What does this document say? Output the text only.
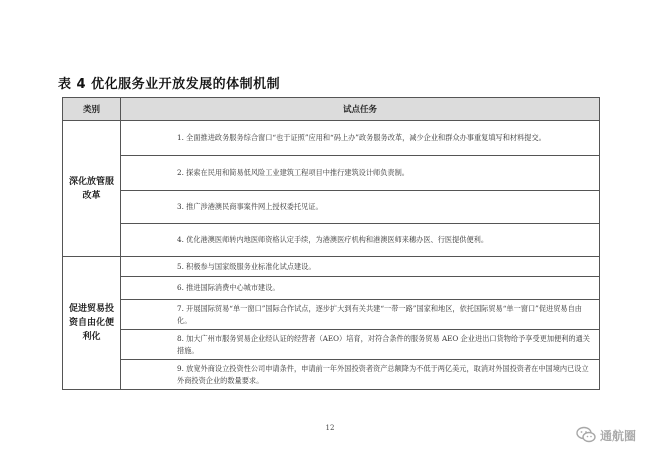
表 4 优化服务业开放发展的体制机制
类别	试点任务
深化放管服改革	1. 全面推进政务服务综合窗口“也于证照”应用和“码上办”政务服务改革，减少企业和群众办事重复填写和材料提交。
	2. 探索在民用和简易低风险工业建筑工程项目中推行建筑设计师负责制。
	3. 推广涉港澳民商事案件网上授权委托见证。
	4. 优化港澳医师转内地医师资格认定手续，为港澳医疗机构和港澳医师来穗办医、行医提供便利。
促进贸易投资自由化便利化	5. 积极参与国家级服务业标准化试点建设。
	6. 推进国际消费中心城市建设。
	7. 开展国际贸易“单一窗口”国际合作试点，逐步扩大到有关共建“一带一路”国家和地区，依托国际贸易“单一窗口”促进贸易自由化。
	8. 加大广州市服务贸易企业经认证的经营者（AEO）培育，对符合条件的服务贸易 AEO 企业进出口货物给予享受更加便利的通关措施。
	9. 放宽外商设立投资性公司申请条件，申请前一年外国投资者资产总额降为不低于两亿美元，取消对外国投资者在中国境内已设立外商投资企业的数量要求。
12
通航圈
